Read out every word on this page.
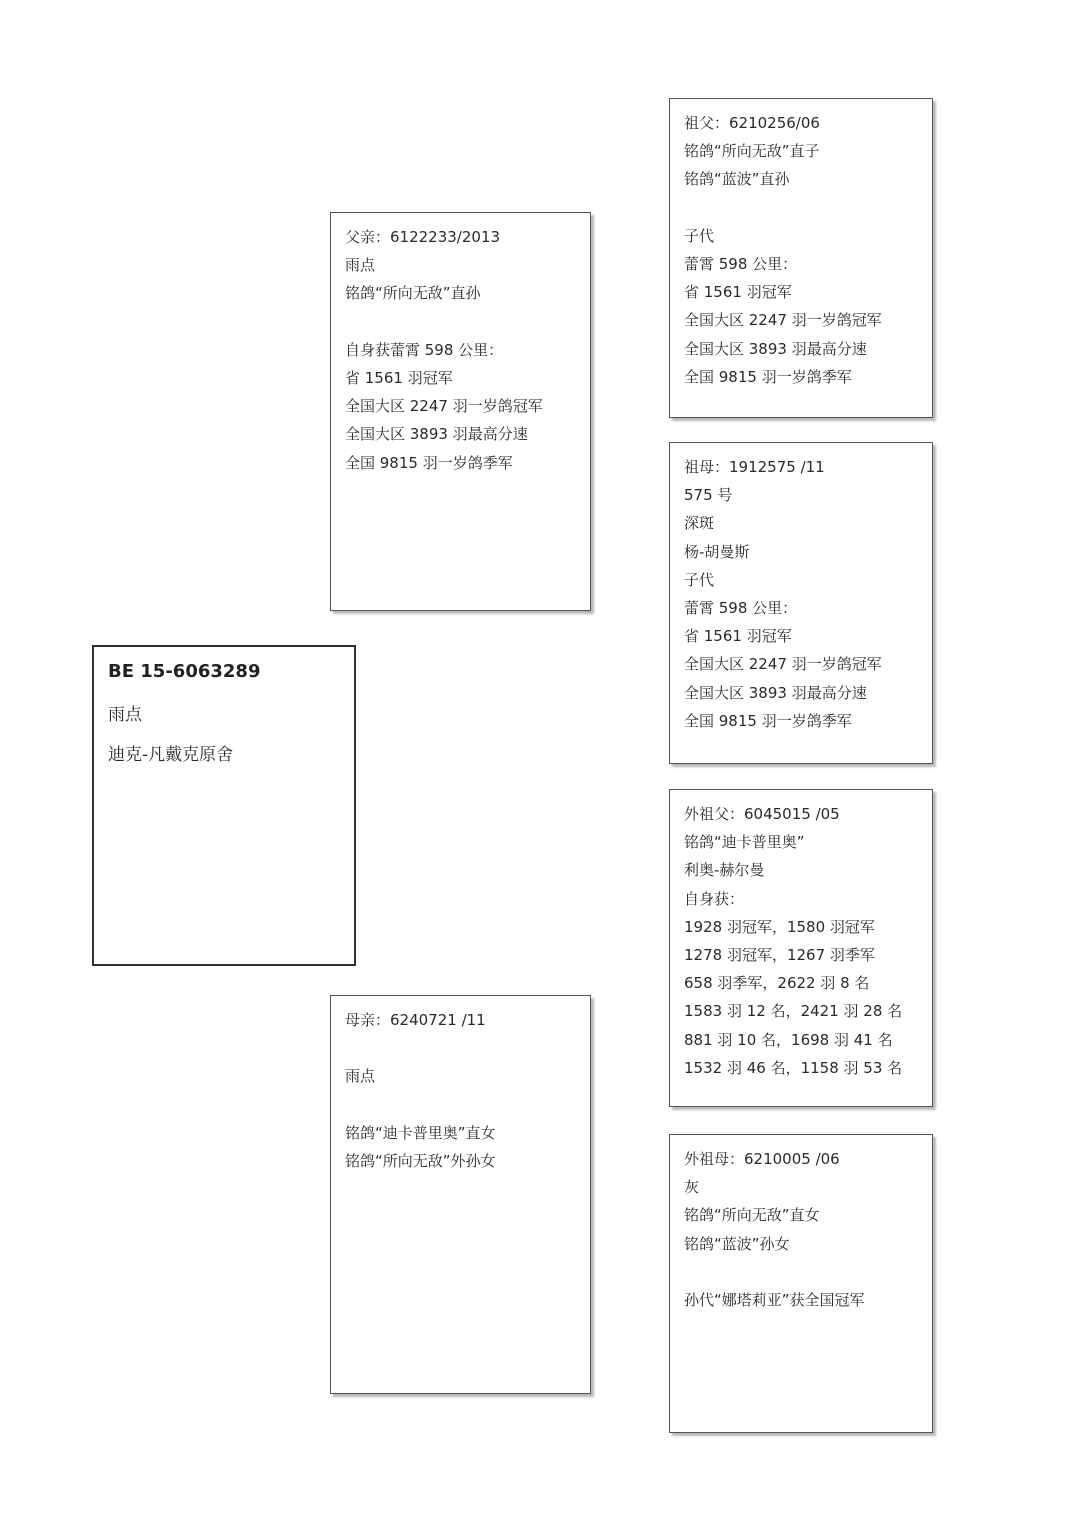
BE 15-6063289
雨点
迪克-凡戴克原舍
父亲：6122233/2013
雨点
铭鸽“所向无敌”直孙
自身获蕾霄 598 公里：
省 1561 羽冠军
全国大区 2247 羽一岁鸽冠军
全国大区 3893 羽最高分速
全国 9815 羽一岁鸽季军
母亲：6240721 /11
雨点
铭鸽“迪卡普里奥”直女
铭鸽“所向无敌”外孙女
祖父：6210256/06
铭鸽“所向无敌”直子
铭鸽“蓝波”直孙
子代
蕾霄 598 公里：
省 1561 羽冠军
全国大区 2247 羽一岁鸽冠军
全国大区 3893 羽最高分速
全国 9815 羽一岁鸽季军
祖母：1912575 /11
575 号
深斑
杨-胡曼斯
子代
蕾霄 598 公里：
省 1561 羽冠军
全国大区 2247 羽一岁鸽冠军
全国大区 3893 羽最高分速
全国 9815 羽一岁鸽季军
外祖父：6045015 /05
铭鸽“迪卡普里奥”
利奥-赫尔曼
自身获：
1928 羽冠军，1580 羽冠军
1278 羽冠军，1267 羽季军
658 羽季军，2622 羽 8 名
1583 羽 12 名，2421 羽 28 名
881 羽 10 名，1698 羽 41 名
1532 羽 46 名，1158 羽 53 名
外祖母：6210005 /06
灰
铭鸽“所向无敌”直女
铭鸽“蓝波”孙女
孙代“娜塔莉亚”获全国冠军
